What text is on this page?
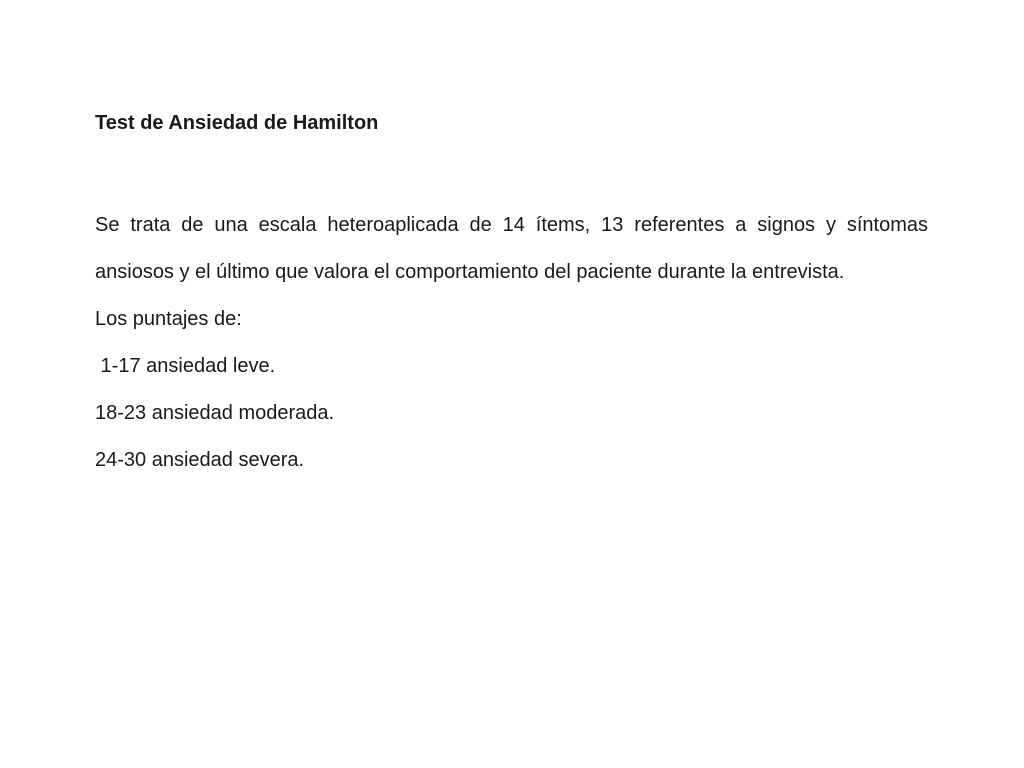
Test de Ansiedad de Hamilton

Se trata de una escala heteroaplicada de 14 ítems, 13 referentes a signos y síntomas ansiosos y el último que valora el comportamiento del paciente durante la entrevista.

Los puntajes de:

1-17 ansiedad leve.

18-23 ansiedad moderada.

24-30 ansiedad severa.
